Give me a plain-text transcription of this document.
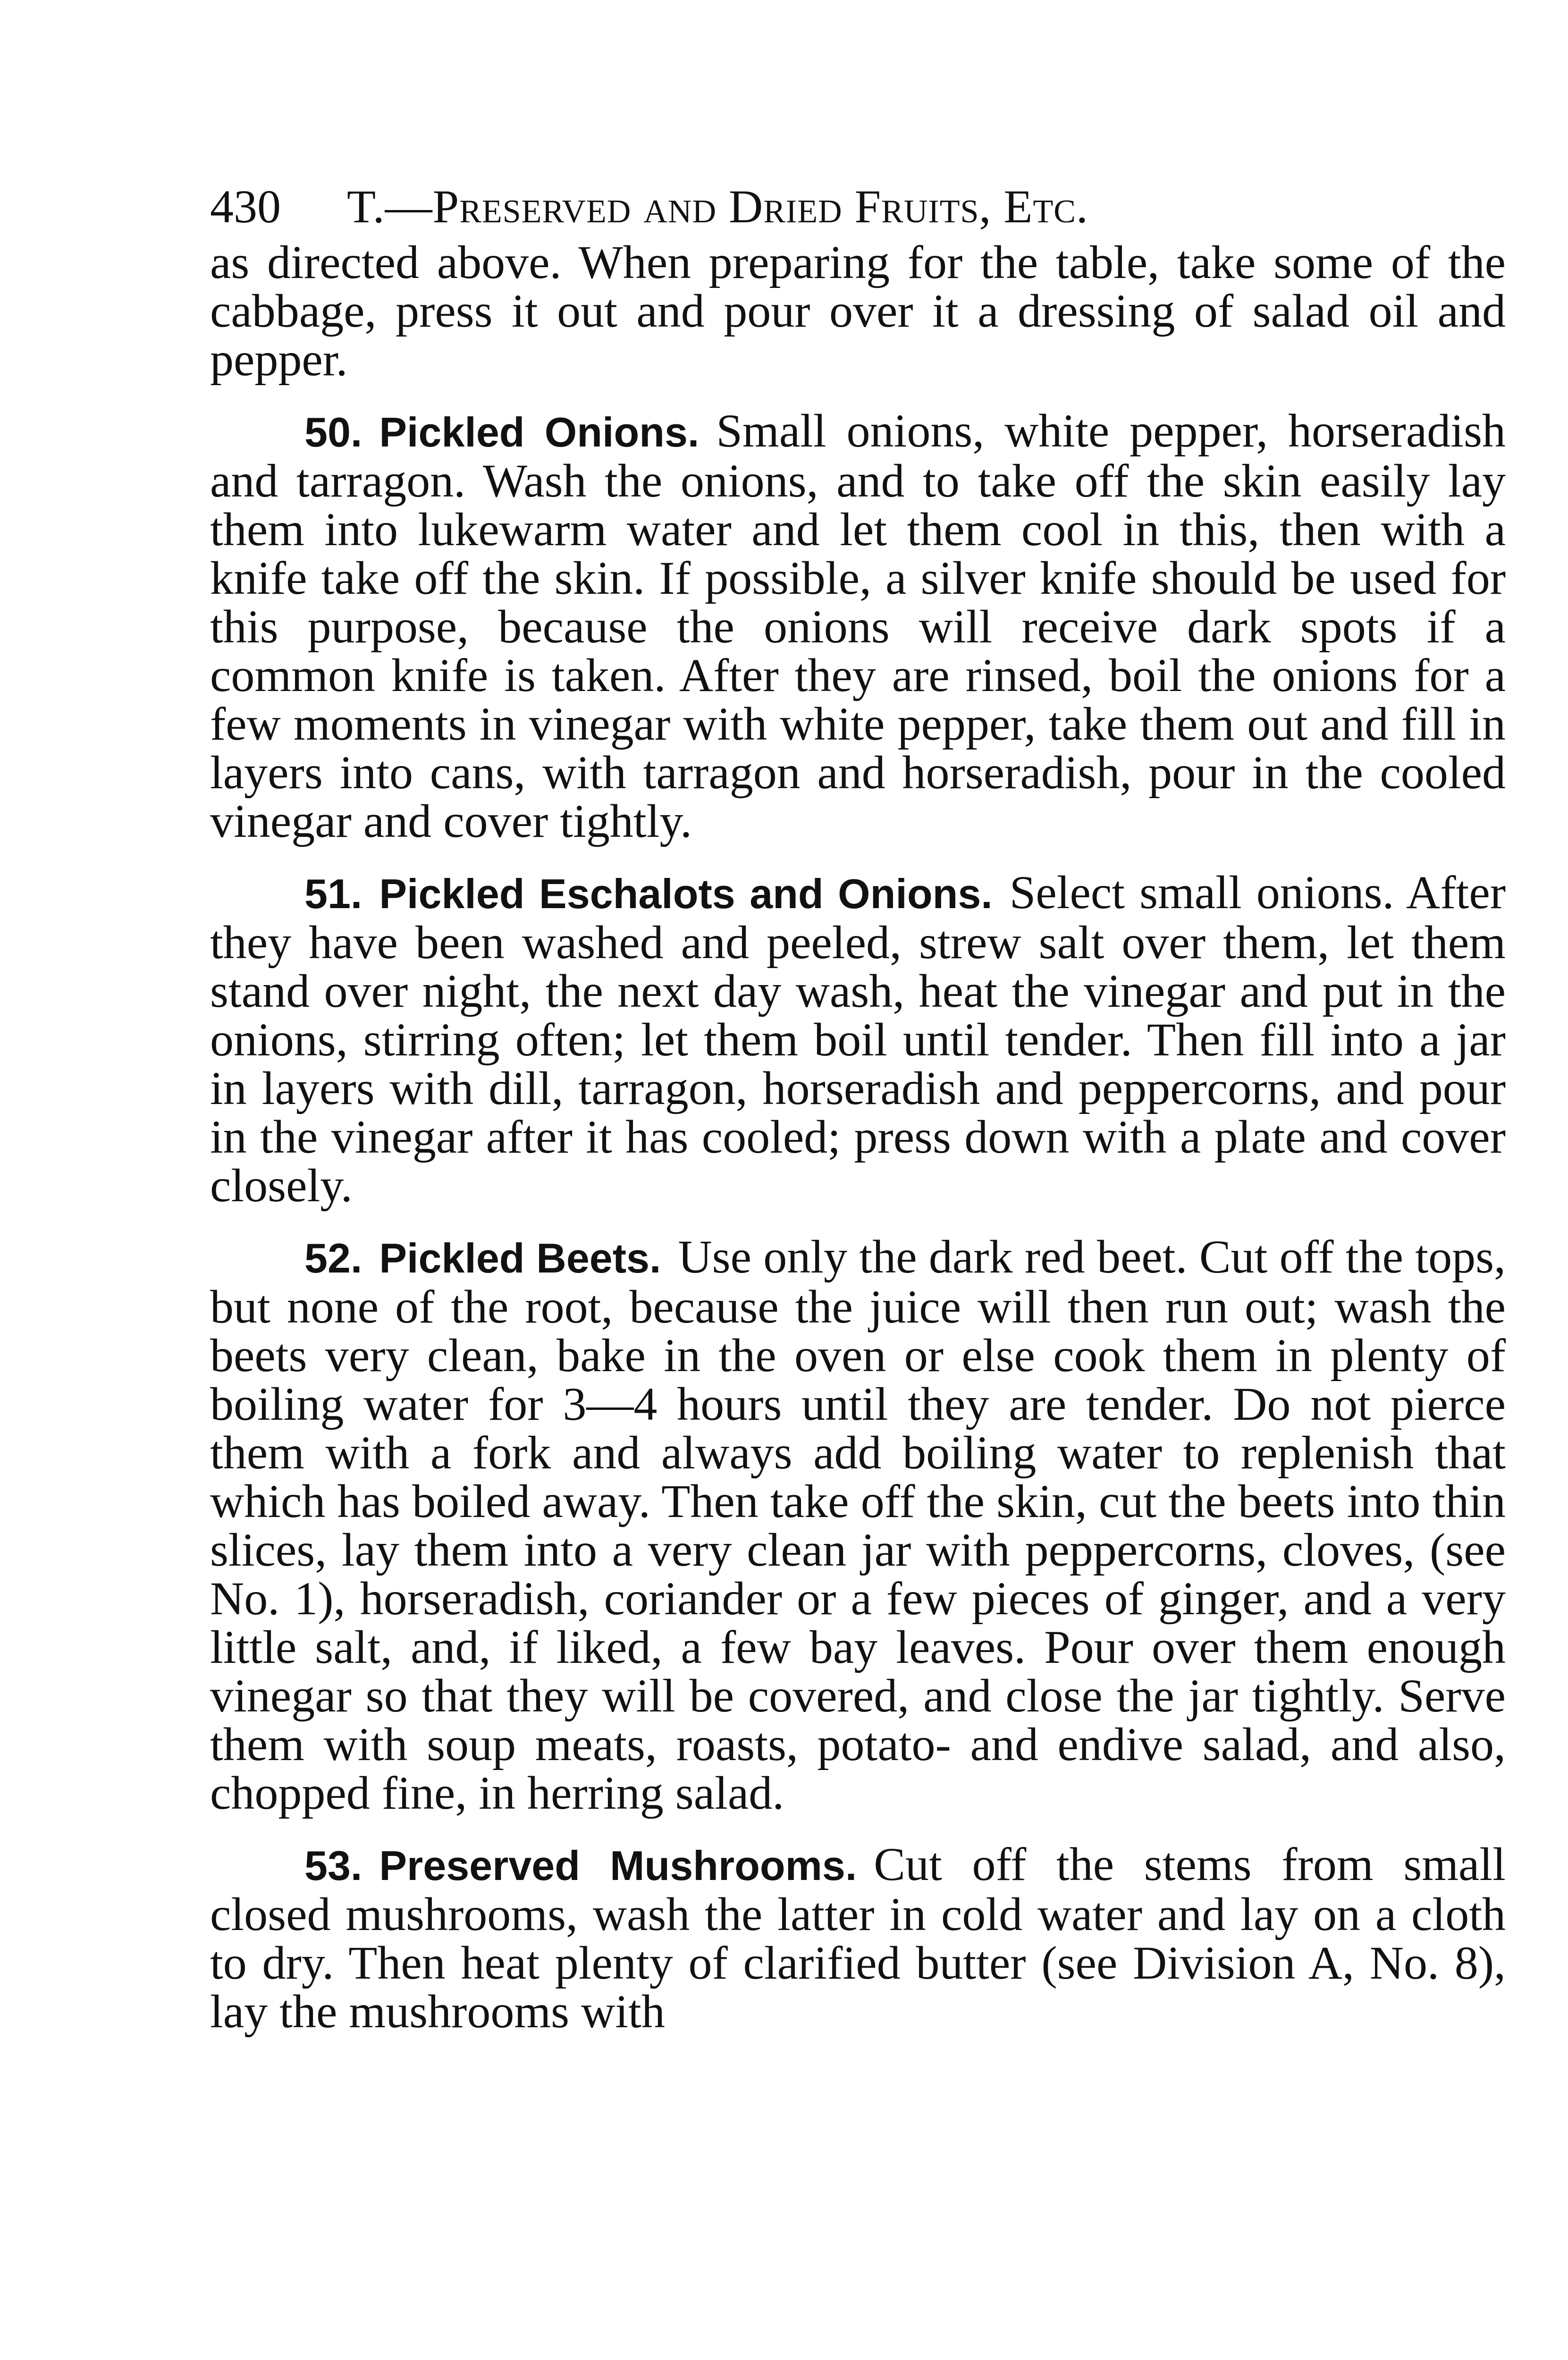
430	T.—Preserved and Dried Fruits, Etc.

as directed above. When preparing for the table, take some of the cabbage, press it out and pour over it a dressing of salad oil and pepper.

50. Pickled Onions. Small onions, white pepper, horseradish and tarragon. Wash the onions, and to take off the skin easily lay them into lukewarm water and let them cool in this, then with a knife take off the skin. If possible, a silver knife should be used for this purpose, because the onions will receive dark spots if a common knife is taken. After they are rinsed, boil the onions for a few moments in vinegar with white pepper, take them out and fill in layers into cans, with tarragon and horseradish, pour in the cooled vinegar and cover tightly.

51. Pickled Eschalots and Onions. Select small onions. After they have been washed and peeled, strew salt over them, let them stand over night, the next day wash, heat the vinegar and put in the onions, stirring often; let them boil until tender. Then fill into a jar in layers with dill, tarragon, horseradish and peppercorns, and pour in the vinegar after it has cooled; press down with a plate and cover closely.

52. Pickled Beets. Use only the dark red beet. Cut off the tops, but none of the root, because the juice will then run out; wash the beets very clean, bake in the oven or else cook them in plenty of boiling water for 3—4 hours until they are tender. Do not pierce them with a fork and always add boiling water to replenish that which has boiled away. Then take off the skin, cut the beets into thin slices, lay them into a very clean jar with peppercorns, cloves, (see No. 1), horseradish, coriander or a few pieces of ginger, and a very little salt, and, if liked, a few bay leaves. Pour over them enough vinegar so that they will be covered, and close the jar tightly. Serve them with soup meats, roasts, potato- and endive salad, and also, chopped fine, in herring salad.

53. Preserved Mushrooms. Cut off the stems from small closed mushrooms, wash the latter in cold water and lay on a cloth to dry. Then heat plenty of clarified butter (see Division A, No. 8), lay the mushrooms with
